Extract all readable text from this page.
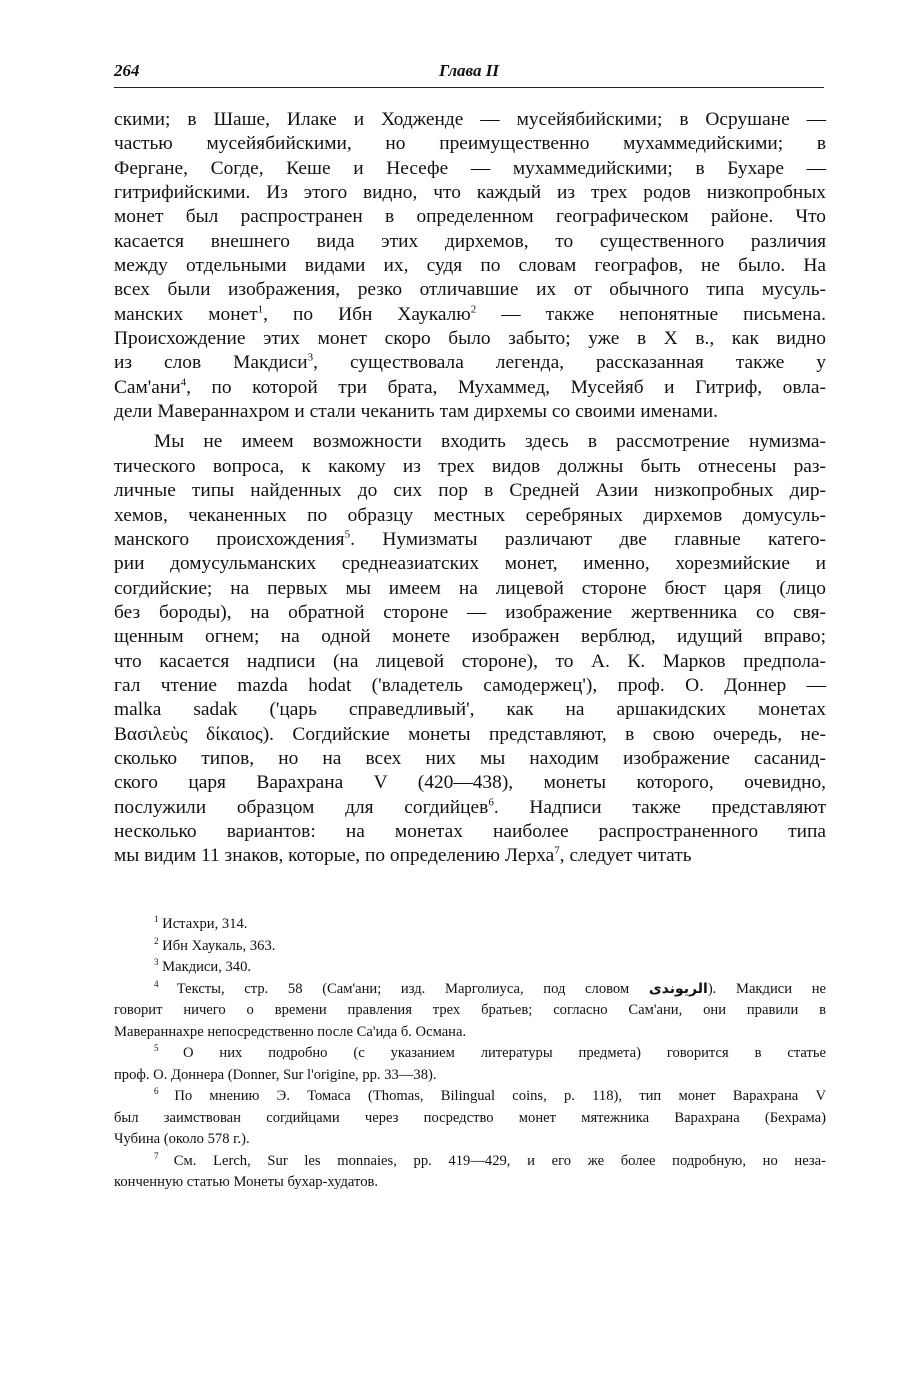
264	Глава II
скими; в Шаше, Илаке и Ходженде — мусейябийскими; в Осрушане —
частью мусейябийскими, но преимущественно мухаммедийскими; в
Фергане, Согде, Кеше и Несефе — мухаммедийскими; в Бухаре —
гитрифийскими. Из этого видно, что каждый из трех родов низкопробных
монет был распространен в определенном географическом районе. Что
касается внешнего вида этих дирхемов, то существенного различия
между отдельными видами их, судя по словам географов, не было. На
всех были изображения, резко отличавшие их от обычного типа мусуль-
манских монет$^1$, по Ибн Хаукалю$^2$ — также непонятные письмена.
Происхождение этих монет скоро было забыто; уже в X в., как видно
из слов Макдиси$^3$, существовала легенда, рассказанная также у
Сам'ани$^4$, по которой три брата, Мухаммед, Мусейяб и Гитриф, овла-
дели Мавераннахром и стали чеканить там дирхемы со своими именами.
Мы не имеем возможности входить здесь в рассмотрение нумизма-
тического вопроса, к какому из трех видов должны быть отнесены раз-
личные типы найденных до сих пор в Средней Азии низкопробных дир-
хемов, чеканенных по образцу местных серебряных дирхемов домусуль-
манского происхождения$^5$. Нумизматы различают две главные катего-
рии домусульманских среднеазиатских монет, именно, хорезмийские и
согдийские; на первых мы имеем на лицевой стороне бюст царя (лицо
без бороды), на обратной стороне — изображение жертвенника со свя-
щенным огнем; на одной монете изображен верблюд, идущий вправо;
что касается надписи (на лицевой стороне), то А. К. Марков предпола-
гал чтение mazda hodat ('владетель самодержец'), проф. О. Доннер —
malka sadak ('царь справедливый', как на аршакидских монетах
Βασιλεὺς δίκαιος). Согдийские монеты представляют, в свою очередь, не-
сколько типов, но на всех них мы находим изображение сасанид-
ского царя Варахрана V (420—438), монеты которого, очевидно,
послужили образцом для согдийцев$^6$. Надписи также представляют
несколько вариантов: на монетах наиболее распространенного типа
мы видим 11 знаков, которые, по определению Лерха$^7$, следует читать
$^1$ Истахри, 314.
$^2$ Ибн Хаукаль, 363.
$^3$ Макдиси, 340.
$^4$ Тексты, стр. 58 (Сам'ани; изд. Марголиуса, под словом الريوندى). Макдиси не
говорит ничего о времени правления трех братьев; согласно Сам'ани, они правили в
Мавераннахре непосредственно после Са'ида б. Османа.
$^5$ О них подробно (с указанием литературы предмета) говорится в статье
проф. О. Доннера (Donner, Sur l'origine, pp. 33—38).
$^6$ По мнению Э. Томаса (Thomas, Bilingual coins, p. 118), тип монет Варахрана V
был заимствован согдийцами через посредство монет мятежника Варахрана (Бехрама)
Чубина (около 578 г.).
$^7$ См. Lerch, Sur les monnaies, pp. 419—429, и его же более подробную, но неза-
конченную статью Монеты бухар-худатов.
